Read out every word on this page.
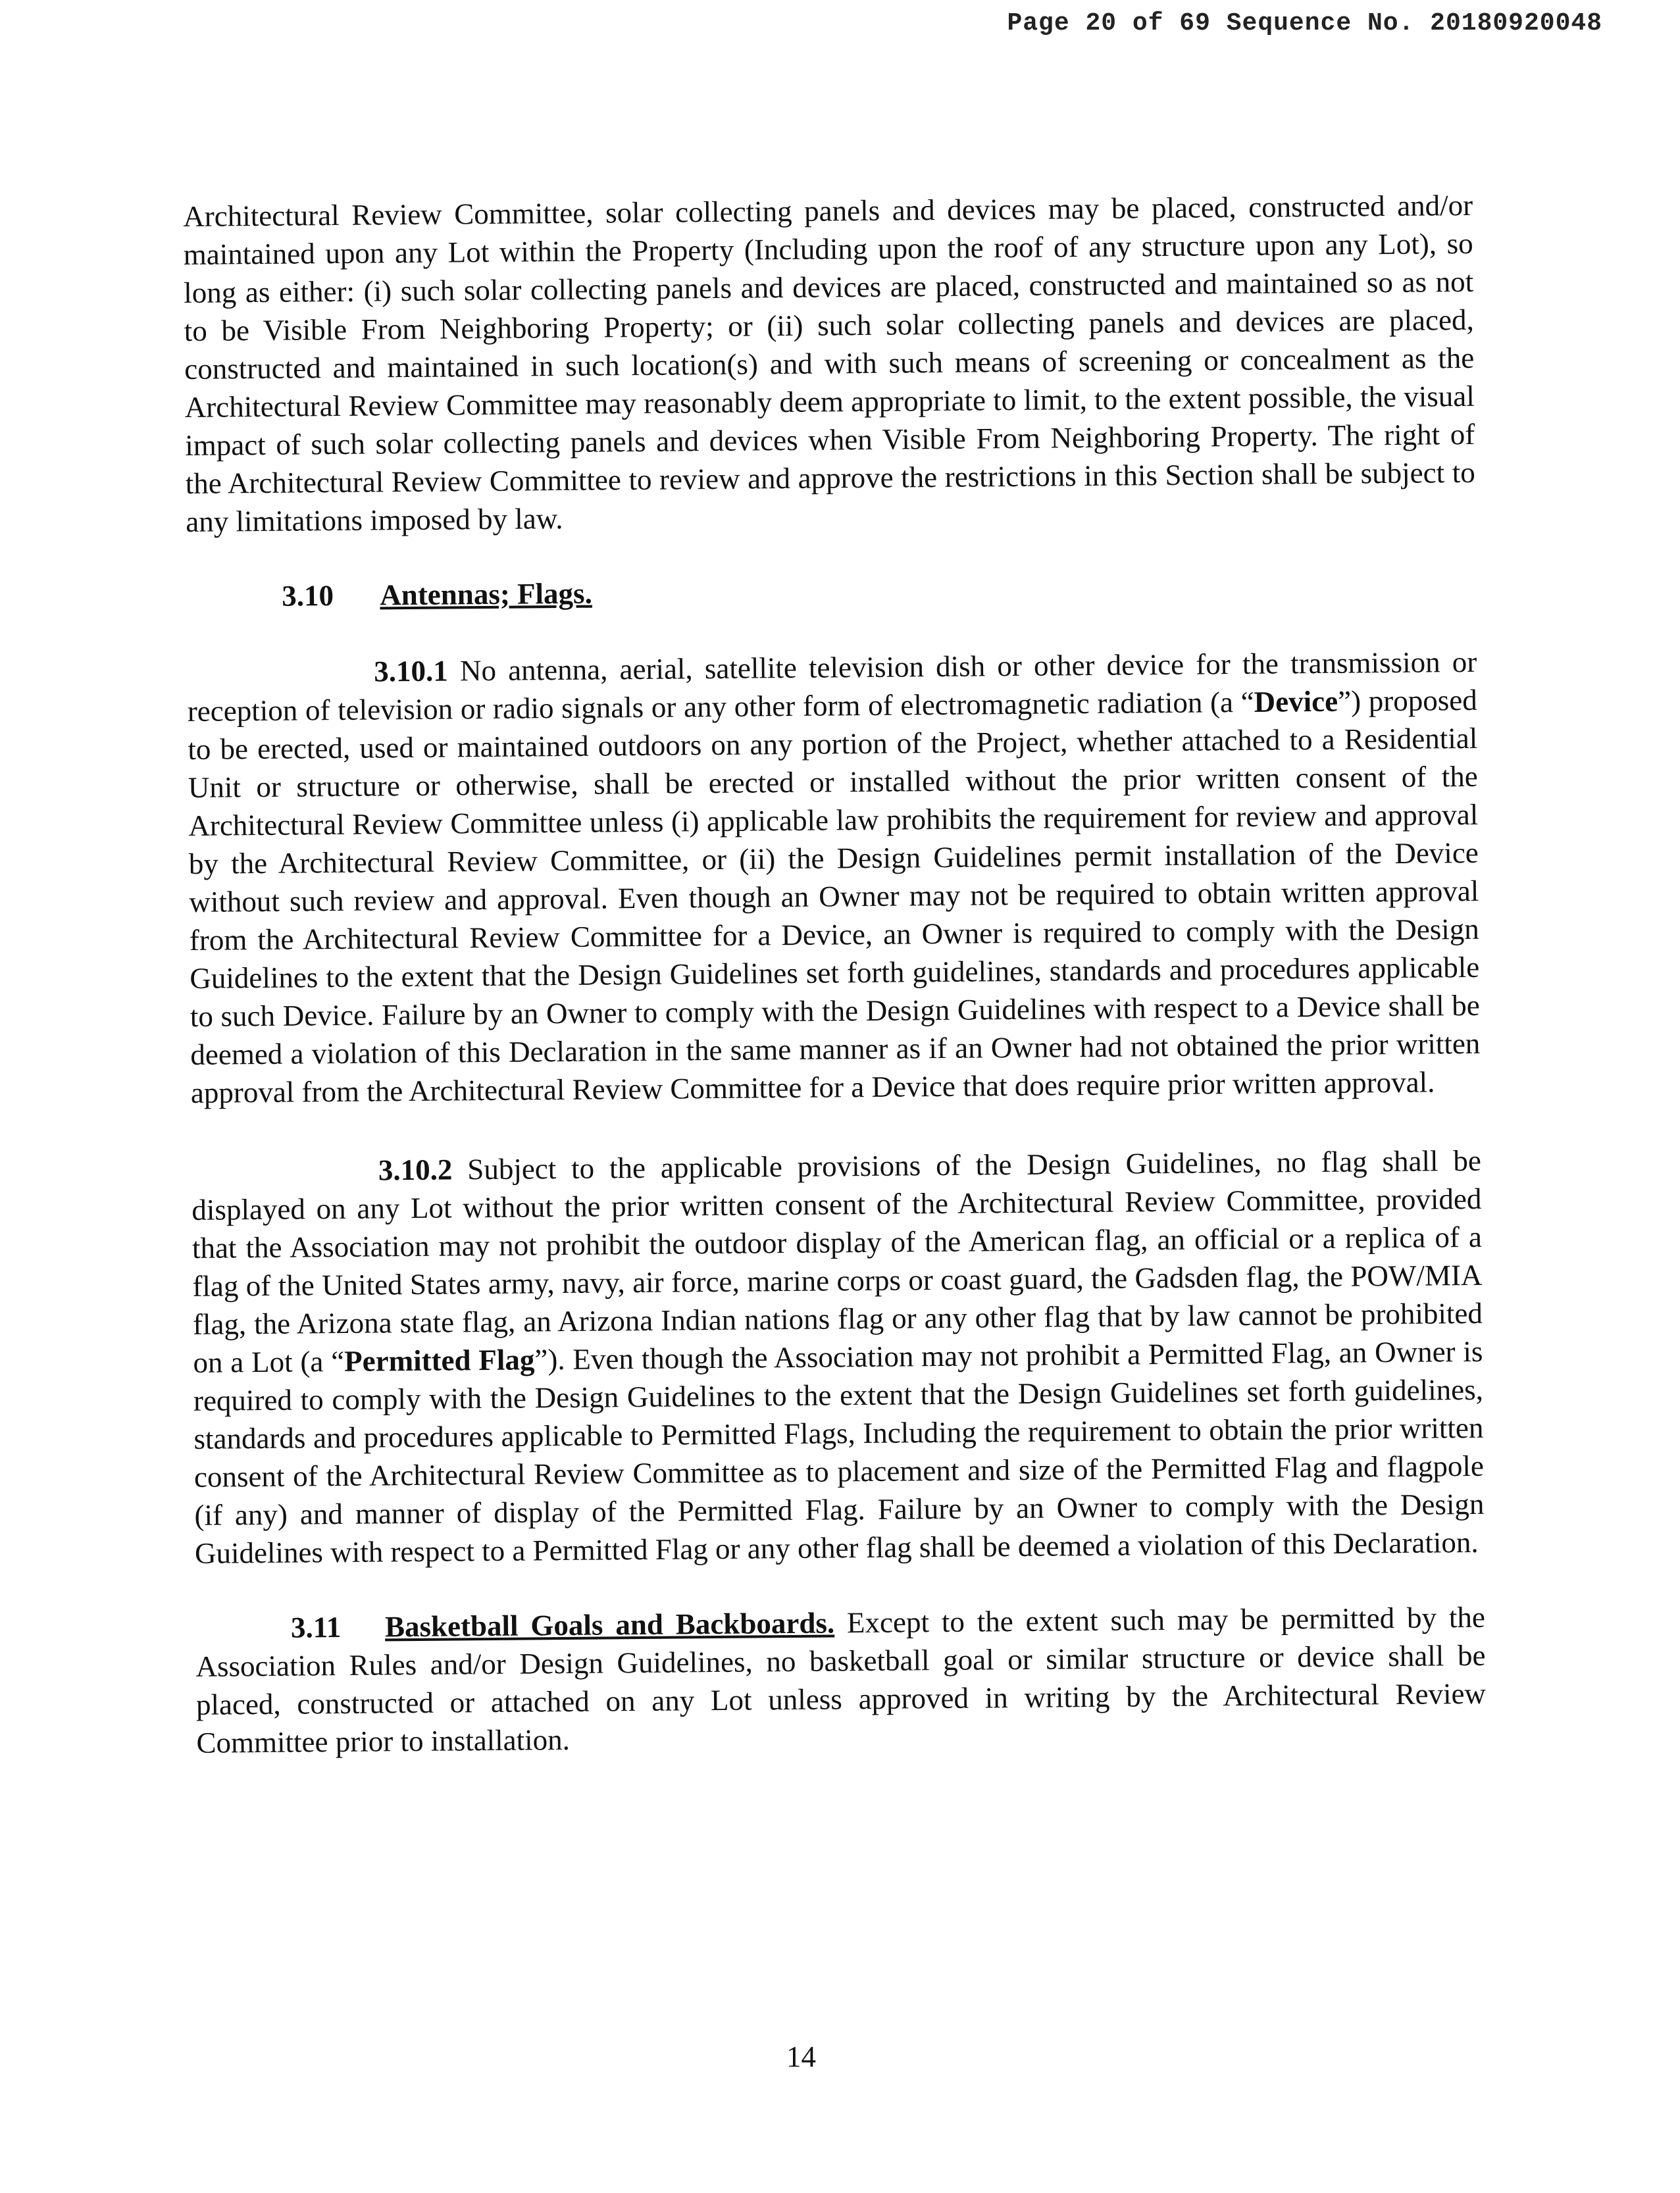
Page 20 of 69 Sequence No. 20180920048

Architectural Review Committee, solar collecting panels and devices may be placed, constructed and/or maintained upon any Lot within the Property (Including upon the roof of any structure upon any Lot), so long as either: (i) such solar collecting panels and devices are placed, constructed and maintained so as not to be Visible From Neighboring Property; or (ii) such solar collecting panels and devices are placed, constructed and maintained in such location(s) and with such means of screening or concealment as the Architectural Review Committee may reasonably deem appropriate to limit, to the extent possible, the visual impact of such solar collecting panels and devices when Visible From Neighboring Property. The right of the Architectural Review Committee to review and approve the restrictions in this Section shall be subject to any limitations imposed by law.

3.10 Antennas; Flags.

3.10.1 No antenna, aerial, satellite television dish or other device for the transmission or reception of television or radio signals or any other form of electromagnetic radiation (a “Device”) proposed to be erected, used or maintained outdoors on any portion of the Project, whether attached to a Residential Unit or structure or otherwise, shall be erected or installed without the prior written consent of the Architectural Review Committee unless (i) applicable law prohibits the requirement for review and approval by the Architectural Review Committee, or (ii) the Design Guidelines permit installation of the Device without such review and approval. Even though an Owner may not be required to obtain written approval from the Architectural Review Committee for a Device, an Owner is required to comply with the Design Guidelines to the extent that the Design Guidelines set forth guidelines, standards and procedures applicable to such Device. Failure by an Owner to comply with the Design Guidelines with respect to a Device shall be deemed a violation of this Declaration in the same manner as if an Owner had not obtained the prior written approval from the Architectural Review Committee for a Device that does require prior written approval.

3.10.2 Subject to the applicable provisions of the Design Guidelines, no flag shall be displayed on any Lot without the prior written consent of the Architectural Review Committee, provided that the Association may not prohibit the outdoor display of the American flag, an official or a replica of a flag of the United States army, navy, air force, marine corps or coast guard, the Gadsden flag, the POW/MIA flag, the Arizona state flag, an Arizona Indian nations flag or any other flag that by law cannot be prohibited on a Lot (a “Permitted Flag”). Even though the Association may not prohibit a Permitted Flag, an Owner is required to comply with the Design Guidelines to the extent that the Design Guidelines set forth guidelines, standards and procedures applicable to Permitted Flags, Including the requirement to obtain the prior written consent of the Architectural Review Committee as to placement and size of the Permitted Flag and flagpole (if any) and manner of display of the Permitted Flag. Failure by an Owner to comply with the Design Guidelines with respect to a Permitted Flag or any other flag shall be deemed a violation of this Declaration.

3.11 Basketball Goals and Backboards. Except to the extent such may be permitted by the Association Rules and/or Design Guidelines, no basketball goal or similar structure or device shall be placed, constructed or attached on any Lot unless approved in writing by the Architectural Review Committee prior to installation.

14
